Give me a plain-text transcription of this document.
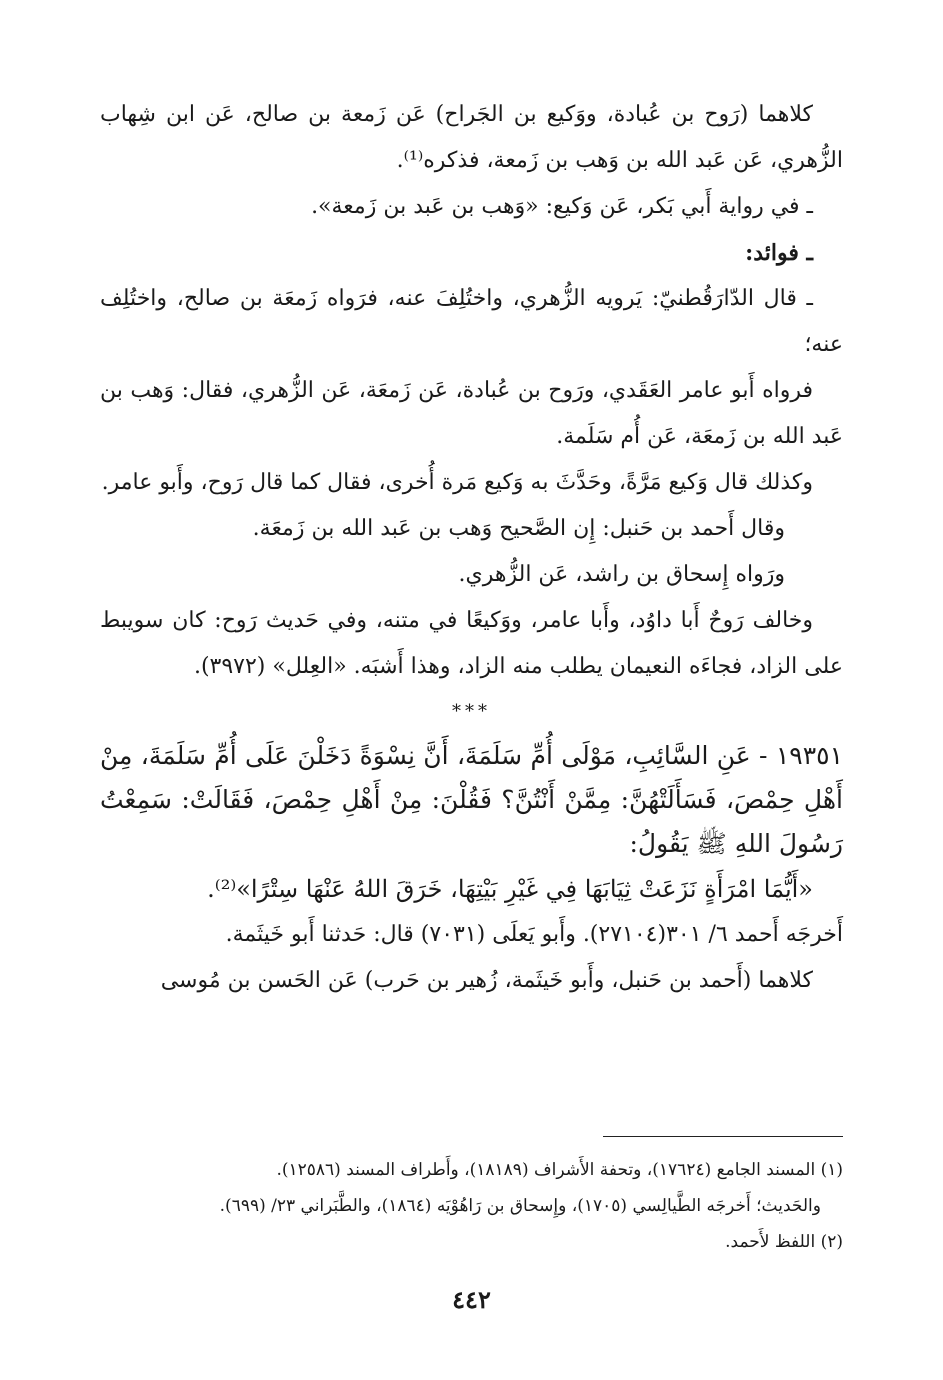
كلاهما (رَوح بن عُبادة، ووَكيع بن الجَراح) عَن زَمعة بن صالح، عَن ابن شِهاب الزُّهري، عَن عَبد الله بن وَهب بن زَمعة، فذكره⁽¹⁾.

ـ في رواية أَبي بَكر، عَن وَكيع: «وَهب بن عَبد بن زَمعة».

ـ فوائد:

ـ قال الدّارَقُطنيّ: يَرويه الزُّهري، واختُلِفَ عنه، فرَواه زَمعَة بن صالح، واختُلِف عنه؛

فرواه أَبو عامر العَقَدي، ورَوح بن عُبادة، عَن زَمعَة، عَن الزُّهري، فقال: وَهب بن عَبد الله بن زَمعَة، عَن أُم سَلَمة.

وكذلك قال وَكيع مَرَّةً، وحَدَّثَ به وَكيع مَرة أُخرى، فقال كما قال رَوح، وأَبو عامر.

وقال أَحمد بن حَنبل: إِن الصَّحيح وَهب بن عَبد الله بن زَمعَة.

ورَواه إِسحاق بن راشد، عَن الزُّهري.

وخالف رَوحٌ أَبا داوُد، وأَبا عامر، ووَكيعًا في متنه، وفي حَديث رَوح: كان سويبط على الزاد، فجاءَه النعيمان يطلب منه الزاد، وهذا أَشبَه. «العِلل» (٣٩٧٢).

***

١٩٣٥١ - عَنِ السَّائِبِ، مَوْلَى أُمِّ سَلَمَةَ، أَنَّ نِسْوَةً دَخَلْنَ عَلَى أُمِّ سَلَمَةَ، مِنْ أَهْلِ حِمْصَ، فَسَأَلَتْهُنَّ: مِمَّنْ أَنْتُنَّ؟ فَقُلْنَ: مِنْ أَهْلِ حِمْصَ، فَقَالَتْ: سَمِعْتُ رَسُولَ اللهِ ﷺ يَقُولُ:

«أَيُّمَا امْرَأَةٍ نَزَعَتْ ثِيَابَهَا فِي غَيْرِ بَيْتِهَا، خَرَقَ اللهُ عَنْهَا سِتْرًا»⁽²⁾.

أَخرجَه أَحمد ٦/ ٣٠١(٢٧١٠٤). وأَبو يَعلَى (٧٠٣١) قال: حَدثنا أَبو خَيثَمة.

كلاهما (أَحمد بن حَنبل، وأَبو خَيثَمة، زُهير بن حَرب) عَن الحَسن بن مُوسى

(١) المسند الجامع (١٧٦٢٤)، وتحفة الأَشراف (١٨١٨٩)، وأَطراف المسند (١٢٥٨٦).

والحَديث؛ أَخرجَه الطَّيالِسي (١٧٠٥)، وإِسحاق بن رَاهُوْيَه (١٨٦٤)، والطَّبَراني ٢٣/ (٦٩٩).

(٢) اللفظ لأَحمد.

٤٤٢
